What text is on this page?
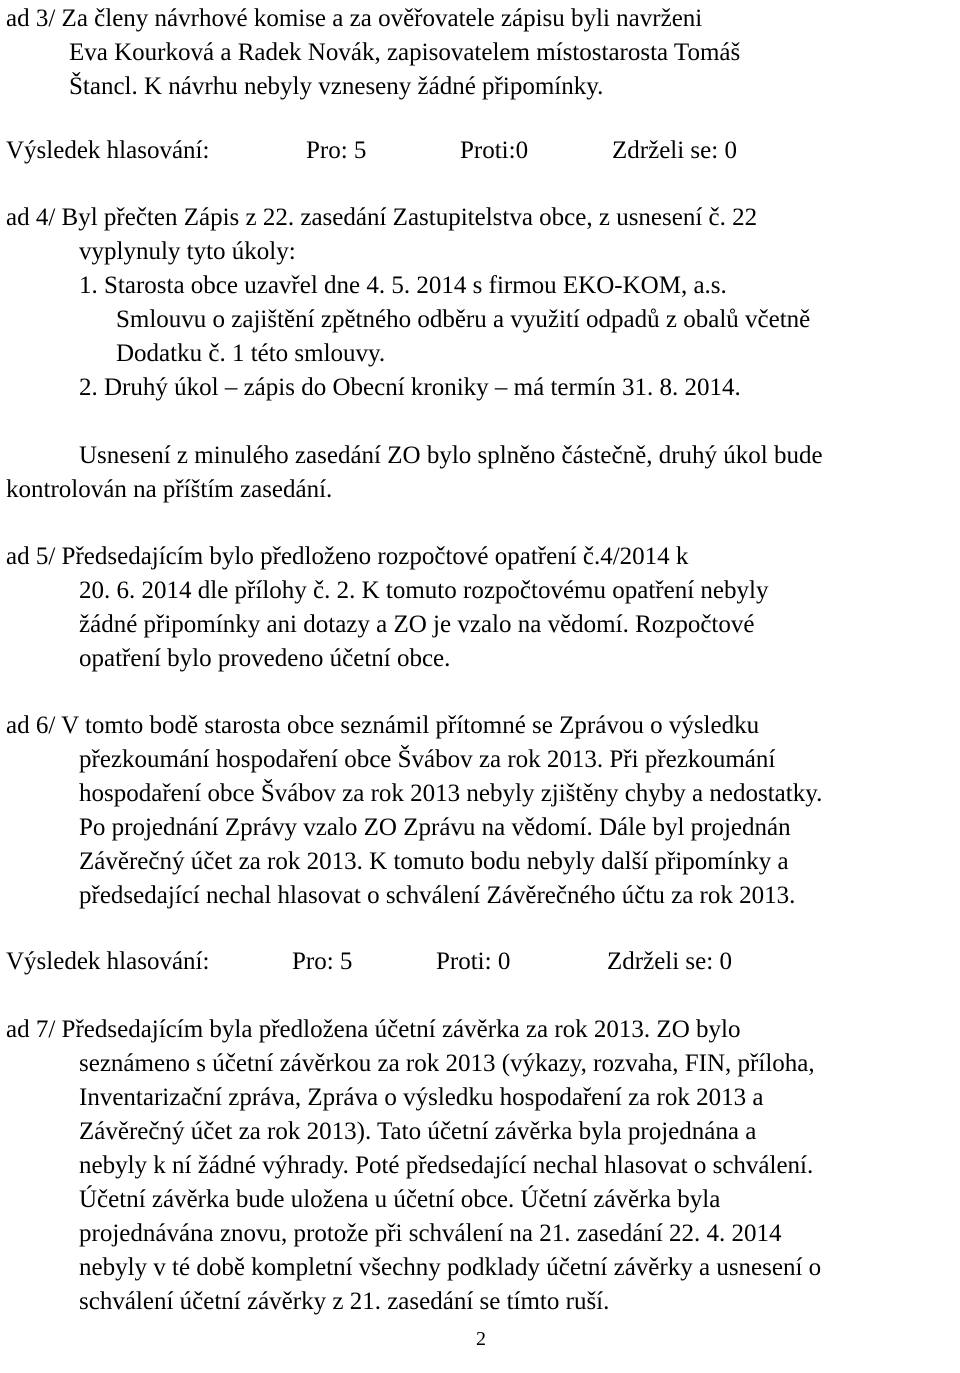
ad 3/ Za členy návrhové komise a za ověřovatele zápisu byli navrženi
Eva Kourková a Radek Novák, zapisovatelem místostarosta Tomáš
Štancl. K návrhu nebyly vzneseny žádné připomínky.
Výsledek hlasování:	Pro: 5	Proti:0	Zdrželi se: 0
ad 4/ Byl přečten Zápis z 22. zasedání Zastupitelstva obce, z usnesení č. 22
vyplynuly tyto úkoly:
1. Starosta obce uzavřel dne 4. 5. 2014 s firmou EKO-KOM, a.s.
Smlouvu o zajištění zpětného odběru a využití odpadů z obalů včetně
Dodatku č. 1 této smlouvy.
2. Druhý úkol – zápis do Obecní kroniky – má termín 31. 8. 2014.
Usnesení z minulého zasedání ZO bylo splněno částečně, druhý úkol bude
kontrolován na příštím zasedání.
ad 5/ Předsedajícím bylo předloženo rozpočtové opatření č.4/2014 k
20. 6. 2014 dle přílohy č. 2. K tomuto rozpočtovému opatření nebyly
žádné připomínky ani dotazy a ZO je vzalo na vědomí. Rozpočtové
opatření bylo provedeno účetní obce.
ad 6/ V tomto bodě starosta obce seznámil přítomné se Zprávou o výsledku
přezkoumání hospodaření obce Švábov za rok 2013. Při přezkoumání
hospodaření obce Švábov za rok 2013 nebyly zjištěny chyby a nedostatky.
Po projednání Zprávy vzalo ZO Zprávu na vědomí. Dále byl projednán
Závěrečný účet za rok 2013. K tomuto bodu nebyly další připomínky a
předsedající nechal hlasovat o schválení Závěrečného účtu za rok 2013.
Výsledek hlasování:	Pro: 5	Proti: 0	Zdrželi se: 0
ad 7/ Předsedajícím byla předložena účetní závěrka za rok 2013. ZO bylo
seznámeno s účetní závěrkou za rok 2013 (výkazy, rozvaha, FIN, příloha,
Inventarizační zpráva, Zpráva o výsledku hospodaření za rok 2013 a
Závěrečný účet za rok 2013). Tato účetní závěrka byla projednána a
nebyly k ní žádné výhrady. Poté předsedající nechal hlasovat o schválení.
Účetní závěrka bude uložena u účetní obce. Účetní závěrka byla
projednávána znovu, protože při schválení na 21. zasedání 22. 4. 2014
nebyly v té době kompletní všechny podklady účetní závěrky a usnesení o
schválení účetní závěrky z 21. zasedání se tímto ruší.
2
